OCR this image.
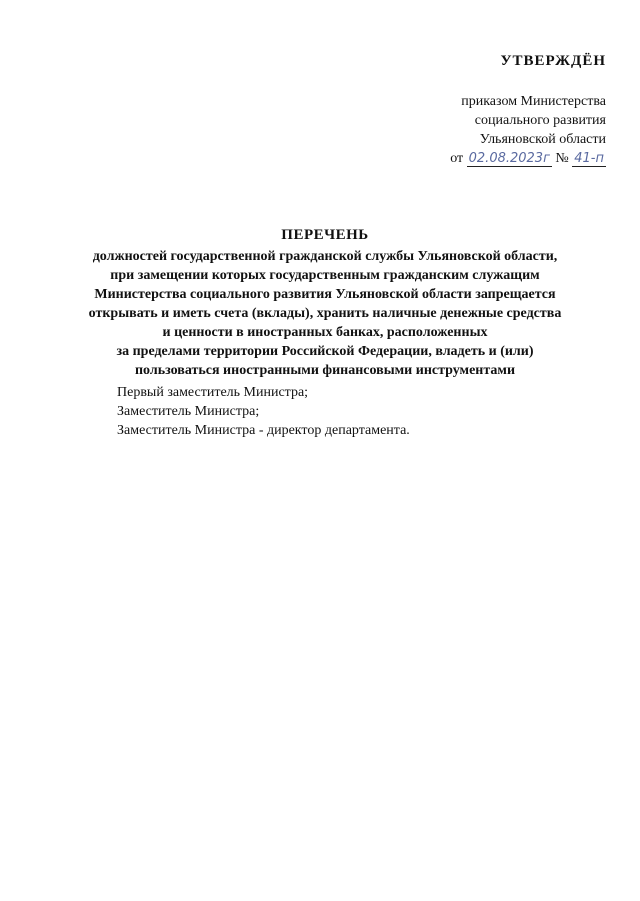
УТВЕРЖДЁН

приказом Министерства

социального развития

Ульяновской области

от 02.08.2023г № 41-п

ПЕРЕЧЕНЬ

должностей государственной гражданской службы Ульяновской области,

при замещении которых государственным гражданским служащим

Министерства социального развития Ульяновской области запрещается

открывать и иметь счета (вклады), хранить наличные денежные средства

и ценности в иностранных банках, расположенных

за пределами территории Российской Федерации, владеть и (или)

пользоваться иностранными финансовыми инструментами

Первый заместитель Министра;

Заместитель Министра;

Заместитель Министра - директор департамента.
